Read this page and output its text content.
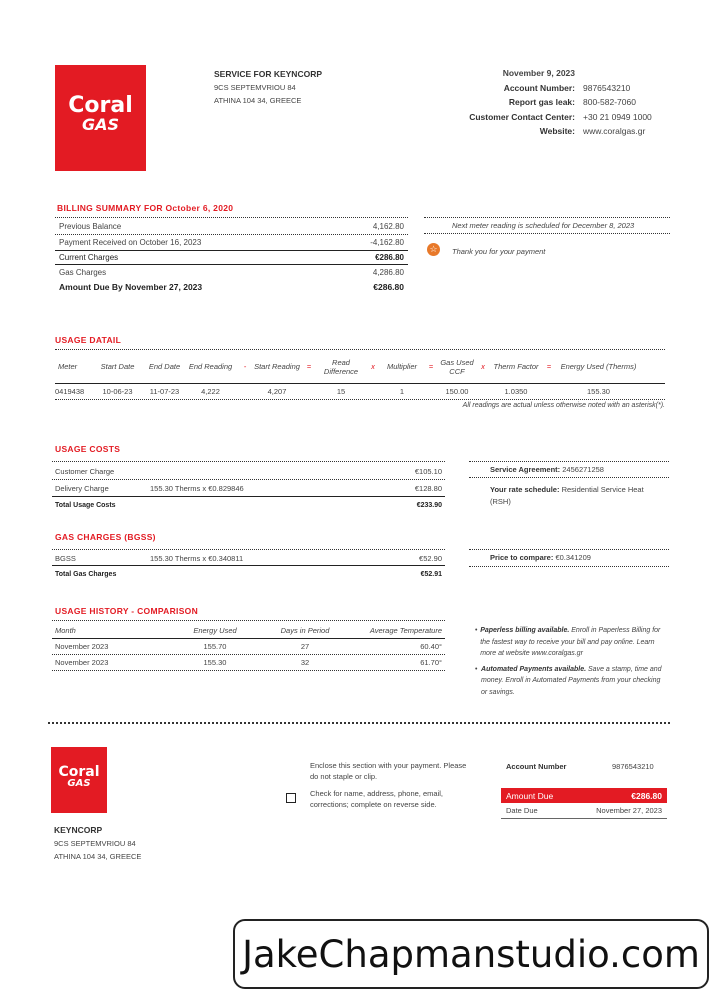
Coral
GAS
SERVICE FOR KEYNCORP
9CS SEPTEMVRIOU 84
ATHINA 104 34, GREECE
November 9, 2023
Account Number: 9876543210
Report gas leak: 800-582-7060
Customer Contact Center: +30 21 0949 1000
Website: www.coralgas.gr
BILLING SUMMARY FOR October 6, 2020
Previous Balance	4,162.80
Payment Received on October 16, 2023	-4,162.80
Current Charges	€286.80
Gas Charges	4,286.80
Amount Due By November 27, 2023	€286.80
Next meter reading is scheduled for December 8, 2023
☆	Thank you for your payment
USAGE DATAIL
Meter	Start Date	End Date	End Reading	-	Start Reading =	Read Difference	x	Multiplier	= Gas Used CCF	x	Therm Factor	=	Energy Used (Therms)
0419438	10-06-23	11-07-23	4,222	4,207	15	1	150.00	1.0350	155.30
All readings are actual unless otherwise noted with an asterisk(*).
USAGE COSTS
Customer Charge	€105.10
Delivery Charge	155.30 Therms x €0.829846	€128.80
Total Usage Costs	€233.90
Service Agreement: 2456271258
Your rate schedule: Residential Service Heat (RSH)
GAS CHARGES (BGSS)
BGSS	155.30 Therms x €0.340811	€52.90
Total Gas Charges	€52.91
Price to compare: €0.341209
USAGE HISTORY - COMPARISON
Month	Energy Used	Days in Period	Average Temperature
November 2023	155.70	27	60.40°
November 2023	155.30	32	61.70°
• Paperless billing available. Enroll in Paperless Billing for the fastest way to receive your bill and pay online. Learn more at website www.coralgas.gr
• Automated Payments available. Save a stamp, time and money. Enroll in Automated Payments from your checking or savings.
Coral
GAS
KEYNCORP
9CS SEPTEMVRIOU 84
ATHINA 104 34, GREECE
Enclose this section with your payment. Please do not staple or clip.
Check for name, address, phone, email, corrections; complete on reverse side.
Account Number	9876543210
Amount Due	€286.80
Date Due	November 27, 2023
JakeChapmanstudio.com
